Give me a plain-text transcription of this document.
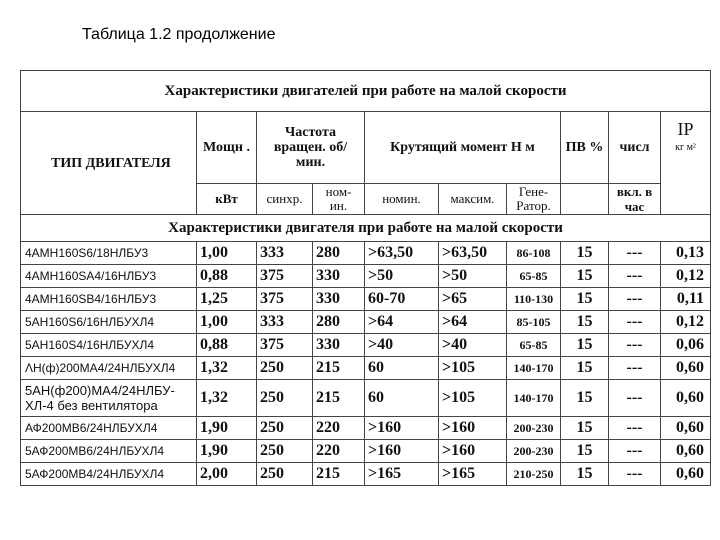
Таблица 1.2 продолжение
Характеристики двигателей при работе на малой скорости									
ТИП ДВИГАТЕЛЯ	Мощн .	Частота вращен. об/мин.		Крутящий момент Н м			ПВ %	числ	IP
кг м²
	кВт	синхр.	ном- ин.	номин.	максим.	Гене- Ратор.		вкл. в час	
Характеристики двигателя при работе на малой скорости									
4АМН160S6/18НЛБУ3	1,00	333	280	>63,50	>63,50	86-108	15	---	0,13
4АМН160SA4/16НЛБУ3	0,88	375	330	>50	>50	65-85	15	---	0,12
4АМН160SB4/16НЛБУ3	1,25	375	330	60-70	>65	110-130	15	---	0,11
5АН160S6/16НЛБУХЛ4	1,00	333	280	>64	>64	85-105	15	---	0,12
5АН160S4/16НЛБУХЛ4	0,88	375	330	>40	>40	65-85	15	---	0,06
ΛН(ф)200МА4/24НЛБУХЛ4	1,32	250	215	60	>105	140-170	15	---	0,60
5АН(ф200)МА4/24НЛБУ- ХЛ-4 без вентилятора	1,32	250	215	60	>105	140-170	15	---	0,60
АФ200МВ6/24НЛБУХЛ4	1,90	250	220	>160	>160	200-230	15	---	0,60
5АФ200МВ6/24НЛБУХЛ4	1,90	250	220	>160	>160	200-230	15	---	0,60
5АФ200МВ4/24НЛБУХЛ4	2,00	250	215	>165	>165	210-250	15	---	0,60
